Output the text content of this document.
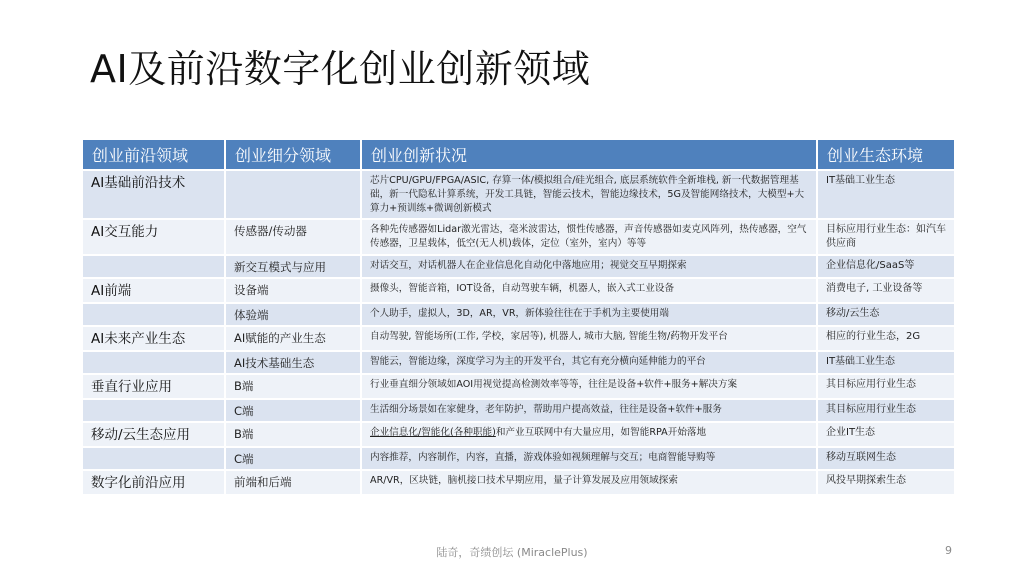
AI及前沿数字化创业创新领域
创业前沿领域	创业细分领域	创业创新状况	创业生态环境
AI基础前沿技术		芯片CPU/GPU/FPGA/ASIC, 存算一体/模拟组合/硅光组合, 底层系统软件全新堆栈, 新一代数据管理基础，新一代隐私计算系统，开发工具链，智能云技术，智能边缘技术，5G及智能网络技术，大模型+大算力+预训练+微调创新模式	IT基础工业生态
AI交互能力	传感器/传动器	各种先传感器如Lidar激光雷达，毫米波雷达，惯性传感器，声音传感器如麦克风阵列，热传感器，空气传感器，卫星载体，低空(无人机)载体，定位（室外，室内）等等	目标应用行业生态：如汽车供应商
	新交互模式与应用	对话交互，对话机器人在企业信息化自动化中落地应用；视觉交互早期探索	企业信息化/SaaS等
AI前端	设备端	摄像头，智能音箱，IOT设备，自动驾驶车辆，机器人，嵌入式工业设备	消费电子, 工业设备等
	体验端	个人助手，虚拟人，3D，AR，VR，新体验往往在于手机为主要使用端	移动/云生态
AI未来产业生态	AI赋能的产业生态	自动驾驶, 智能场所(工作, 学校，家居等), 机器人, 城市大脑, 智能生物/药物开发平台	相应的行业生态，2G
	AI技术基础生态	智能云，智能边缘，深度学习为主的开发平台，其它有充分横向延伸能力的平台	IT基础工业生态
垂直行业应用	B端	行业垂直细分领域如AOI用视觉提高检测效率等等，往往是设备+软件+服务+解决方案	其目标应用行业生态
	C端	生活细分场景如在家健身，老年防护，帮助用户提高效益，往往是设备+软件+服务	其目标应用行业生态
移动/云生态应用	B端	企业信息化/智能化(各种职能)和产业互联网中有大量应用，如智能RPA开始落地	企业IT生态
	C端	内容推荐，内容制作，内容，直播，游戏体验如视频理解与交互；电商智能导购等	移动互联网生态
数字化前沿应用	前端和后端	AR/VR，区块链，脑机接口技术早期应用，量子计算发展及应用领域探索	风投早期探索生态
陆奇，奇绩创坛 (MiraclePlus)	9
